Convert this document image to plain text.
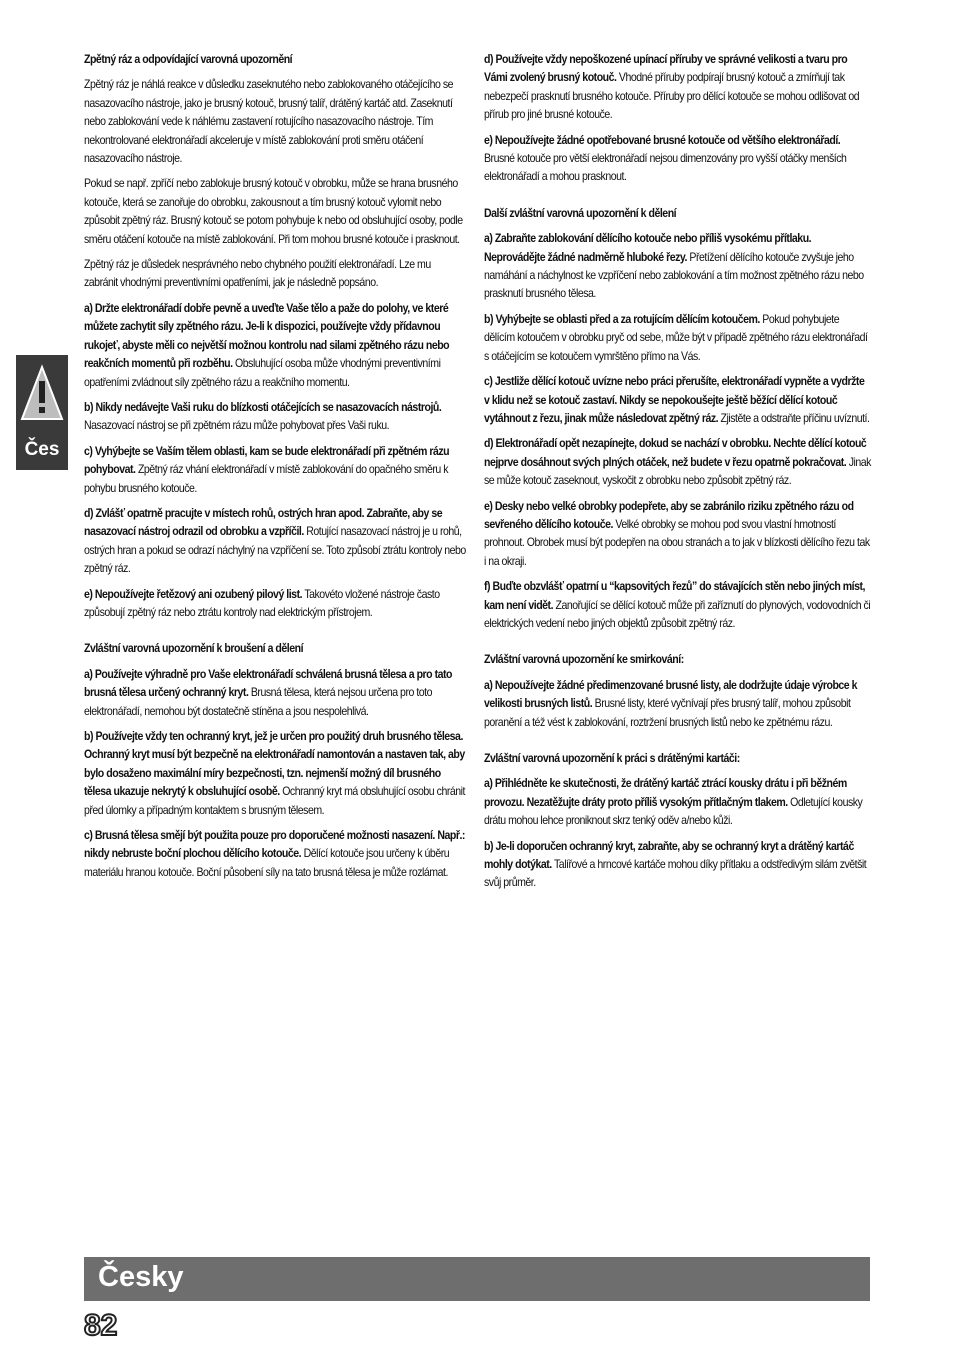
Čes
Zpětný ráz a odpovídající varovná upozornění

Zpětný ráz je náhlá reakce v důsledku zaseknutého nebo zablokovaného otáčejícího se nasazovacího nástroje, jako je brusný kotouč, brusný talíř, drátěný kartáč atd. Zaseknutí nebo zablokování vede k náhlému zastavení rotujícího nasazovacího nástroje. Tím nekontrolované elektronářadí akceleruje v místě zablokování proti směru otáčení nasazovacího nástroje.

Pokud se např. zpříčí nebo zablokuje brusný kotouč v obrobku, může se hrana brusného kotouče, která se zanořuje do obrobku, zakousnout a tím brusný kotouč vylomit nebo způsobit zpětný ráz. Brusný kotouč se potom pohybuje k nebo od obsluhující osoby, podle směru otáčení kotouče na místě zablokování. Při tom mohou brusné kotouče i prasknout.

Zpětný ráz je důsledek nesprávného nebo chybného použití elektronářadí. Lze mu zabránit vhodnými preventivními opatřeními, jak je následně popsáno.

a) Držte elektronářadí dobře pevně a uveďte Vaše tělo a paže do polohy, ve které můžete zachytit síly zpětného rázu. Je-li k dispozici, používejte vždy přídavnou rukojeť, abyste měli co největší možnou kontrolu nad silami zpětného rázu nebo reakčních momentů při rozběhu. Obsluhující osoba může vhodnými preventivními opatřeními zvládnout síly zpětného rázu a reakčního momentu.

b) Nikdy nedávejte Vaši ruku do blízkosti otáčejících se nasazovacích nástrojů. Nasazovací nástroj se při zpětném rázu může pohybovat přes Vaši ruku.

c) Vyhýbejte se Vaším tělem oblasti, kam se bude elektronářadí při zpětném rázu pohybovat. Zpětný ráz vhání elektronářadí v místě zablokování do opačného směru k pohybu brusného kotouče.

d) Zvlášť opatrně pracujte v místech rohů, ostrých hran apod. Zabraňte, aby se nasazovací nástroj odrazil od obrobku a vzpříčil. Rotující nasazovací nástroj je u rohů, ostrých hran a pokud se odrazí náchylný na vzpříčení se. Toto způsobí ztrátu kontroly nebo zpětný ráz.

e) Nepoužívejte řetězový ani ozubený pilový list. Takovéto vložené nástroje často způsobují zpětný ráz nebo ztrátu kontroly nad elektrickým přístrojem.

Zvláštní varovná upozornění k broušení a dělení

a) Používejte výhradně pro Vaše elektronářadí schválená brusná tělesa a pro tato brusná tělesa určený ochranný kryt. Brusná tělesa, která nejsou určena pro toto elektronářadí, nemohou být dostatečně stíněna a jsou nespolehlivá.

b) Používejte vždy ten ochranný kryt, jež je určen pro použitý druh brusného tělesa. Ochranný kryt musí být bezpečně na elektronářadí namontován a nastaven tak, aby bylo dosaženo maximální míry bezpečnosti, tzn. nejmenší možný díl brusného tělesa ukazuje nekrytý k obsluhující osobě. Ochranný kryt má obsluhující osobu chránit před úlomky a případným kontaktem s brusným tělesem.

c) Brusná tělesa smějí být použita pouze pro doporučené možnosti nasazení. Např.: nikdy nebruste boční plochou dělícího kotouče. Dělící kotouče jsou určeny k úběru materiálu hranou kotouče. Boční působení síly na tato brusná tělesa je může rozlámat.

d) Používejte vždy nepoškozené upínací příruby ve správné velikosti a tvaru pro Vámi zvolený brusný kotouč. Vhodné příruby podpírají brusný kotouč a zmírňují tak nebezpečí prasknutí brusného kotouče. Příruby pro dělící kotouče se mohou odlišovat od přírub pro jiné brusné kotouče.

e) Nepoužívejte žádné opotřebované brusné kotouče od většího elektronářadí. Brusné kotouče pro větší elektronářadí nejsou dimenzovány pro vyšší otáčky menších elektronářadí a mohou prasknout.

Další zvláštní varovná upozornění k dělení

a) Zabraňte zablokování dělícího kotouče nebo příliš vysokému přítlaku. Neprovádějte žádné nadměrně hluboké řezy. Přetížení dělícího kotouče zvyšuje jeho namáhání a náchylnost ke vzpříčení nebo zablokování a tím možnost zpětného rázu nebo prasknutí brusného tělesa.

b) Vyhýbejte se oblasti před a za rotujícím dělícím kotoučem. Pokud pohybujete dělícím kotoučem v obrobku pryč od sebe, může být v případě zpětného rázu elektronářadí s otáčejícím se kotoučem vymrštěno přímo na Vás.

c) Jestliže dělící kotouč uvízne nebo práci přerušíte, elektronářadí vypněte a vydržte v klidu než se kotouč zastaví. Nikdy se nepokoušejte ještě běžící dělící kotouč vytáhnout z řezu, jinak může následovat zpětný ráz. Zjistěte a odstraňte příčinu uvíznutí.

d) Elektronářadí opět nezapínejte, dokud se nachází v obrobku. Nechte dělící kotouč nejprve dosáhnout svých plných otáček, než budete v řezu opatrně pokračovat. Jinak se může kotouč zaseknout, vyskočit z obrobku nebo způsobit zpětný ráz.

e) Desky nebo velké obrobky podepřete, aby se zabránilo riziku zpětného rázu od sevřeného dělícího kotouče. Velké obrobky se mohou pod svou vlastní hmotností prohnout. Obrobek musí být podepřen na obou stranách a to jak v blízkosti dělícího řezu tak i na okraji.

f) Buďte obzvlášť opatrní u “kapsovitých řezů” do stávajících stěn nebo jiných míst, kam není vidět. Zanořující se dělící kotouč může při zaříznutí do plynových, vodovodních či elektrických vedení nebo jiných objektů způsobit zpětný ráz.

Zvláštní varovná upozornění ke smirkování:

a) Nepoužívejte žádné předimenzované brusné listy, ale dodržujte údaje výrobce k velikosti brusných listů. Brusné listy, které vyčnívají přes brusný talíř, mohou způsobit poranění a též vést k zablokování, roztržení brusných listů nebo ke zpětnému rázu.

Zvláštní varovná upozornění k práci s drátěnými kartáči:

a) Přihlédněte ke skutečnosti, že drátěný kartáč ztrácí kousky drátu i při běžném provozu. Nezatěžujte dráty proto příliš vysokým přítlačným tlakem. Odletující kousky drátu mohou lehce proniknout skrz tenký oděv a/nebo kůži.

b) Je-li doporučen ochranný kryt, zabraňte, aby se ochranný kryt a drátěný kartáč mohly dotýkat. Talířové a hrncové kartáče mohou díky přítlaku a odstředivým silám zvětšit svůj průměr.

Česky
82
